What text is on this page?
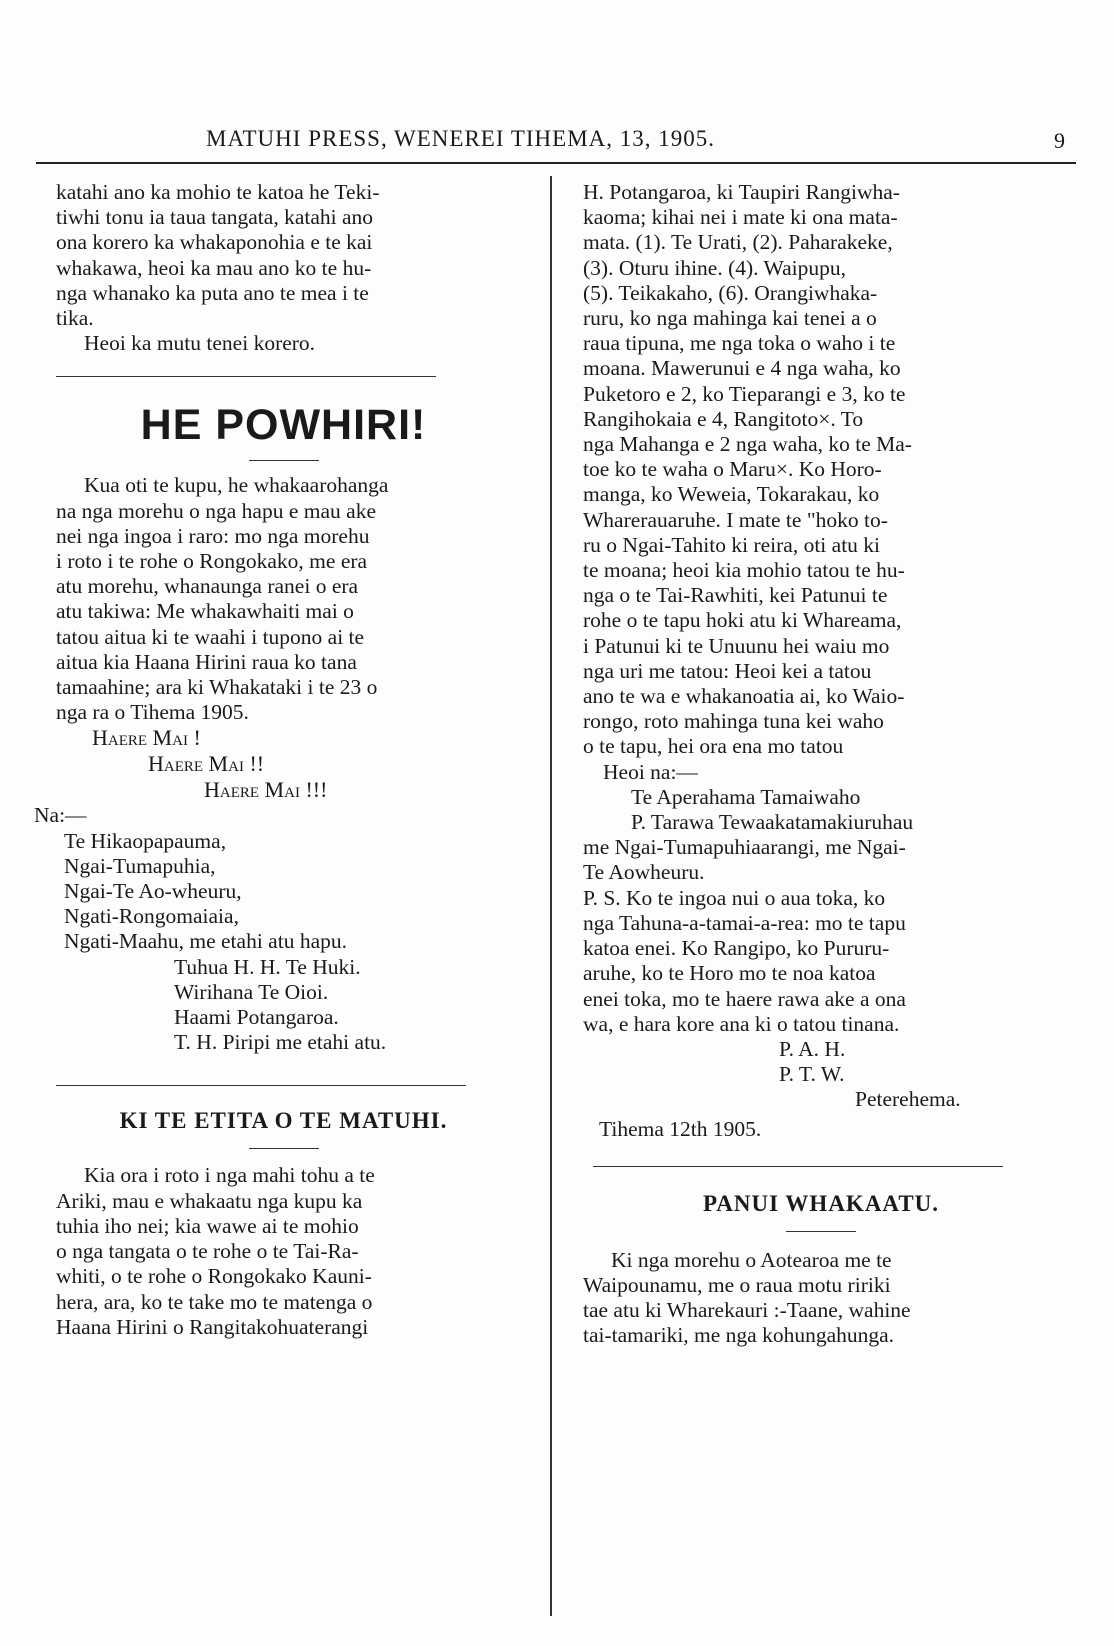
MATUHI PRESS, WENEREI TIHEMA, 13, 1905.	9

katahi ano ka mohio te katoa he Teki-

tiwhi tonu ia taua tangata, katahi ano

ona korero ka whakaponohia e te kai

whakawa, heoi ka mau ano ko te hu-

nga whanako ka puta ano te mea i te

tika.

Heoi ka mutu tenei korero.

HE POWHIRI!

Kua oti te kupu, he whakaarohanga

na nga morehu o nga hapu e mau ake

nei nga ingoa i raro: mo nga morehu

i roto i te rohe o Rongokako, me era

atu morehu, whanaunga ranei o era

atu takiwa: Me whakawhaiti mai o

tatou aitua ki te waahi i tupono ai te

aitua kia Haana Hirini raua ko tana

tamaahine; ara ki Whakataki i te 23 o

nga ra o Tihema 1905.

Haere Mai !
Haere Mai !!
Haere Mai !!!
Na:—
Te Hikaopapauma,
Ngai-Tumapuhia,
Ngai-Te Ao-wheuru,
Ngati-Rongomaiaia,
Ngati-Maahu, me etahi atu hapu.
Tuhua H. H. Te Huki.
Wirihana Te Oioi.
Haami Potangaroa.
T. H. Piripi me etahi atu.
KI TE ETITA O TE MATUHI.

Kia ora i roto i nga mahi tohu a te

Ariki, mau e whakaatu nga kupu ka

tuhia iho nei; kia wawe ai te mohio

o nga tangata o te rohe o te Tai-Ra-

whiti, o te rohe o Rongokako Kauni-

hera, ara, ko te take mo te matenga o

Haana Hirini o Rangitakohuaterangi

H. Potangaroa, ki Taupiri Rangiwha-

kaoma; kihai nei i mate ki ona mata-

mata. (1). Te Urati, (2). Paharakeke,

(3). Oturu ihine. (4). Waipupu,

(5). Teikakaho, (6). Orangiwhaka-

ruru, ko nga mahinga kai tenei a o

raua tipuna, me nga toka o waho i te

moana. Mawerunui e 4 nga waha, ko

Puketoro e 2, ko Tieparangi e 3, ko te

Rangihokaia e 4, Rangitoto×. To

nga Mahanga e 2 nga waha, ko te Ma-

toe ko te waha o Maru×. Ko Horo-

manga, ko Weweia, Tokarakau, ko

Wharerauaruhe. I mate te "hoko to-

ru o Ngai-Tahito ki reira, oti atu ki

te moana; heoi kia mohio tatou te hu-

nga o te Tai-Rawhiti, kei Patunui te

rohe o te tapu hoki atu ki Whareama,

i Patunui ki te Unuunu hei waiu mo

nga uri me tatou: Heoi kei a tatou

ano te wa e whakanoatia ai, ko Waio-

rongo, roto mahinga tuna kei waho

o te tapu, hei ora ena mo tatou

Heoi na:—
Te Aperahama Tamaiwaho
P. Tarawa Tewaakatamakiuruhau

me Ngai-Tumapuhiaarangi, me Ngai-

Te Aowheuru.

P. S. Ko te ingoa nui o aua toka, ko

nga Tahuna-a-tamai-a-rea: mo te tapu

katoa enei. Ko Rangipo, ko Pururu-

aruhe, ko te Horo mo te noa katoa

enei toka, mo te haere rawa ake a ona

wa, e hara kore ana ki o tatou tinana.

P. A. H.
P. T. W.
Peterehema.
Tihema 12th 1905.
PANUI WHAKAATU.

Ki nga morehu o Aotearoa me te

Waipounamu, me o raua motu ririki

tae atu ki Wharekauri :-Taane, wahine

tai-tamariki, me nga kohungahunga.
